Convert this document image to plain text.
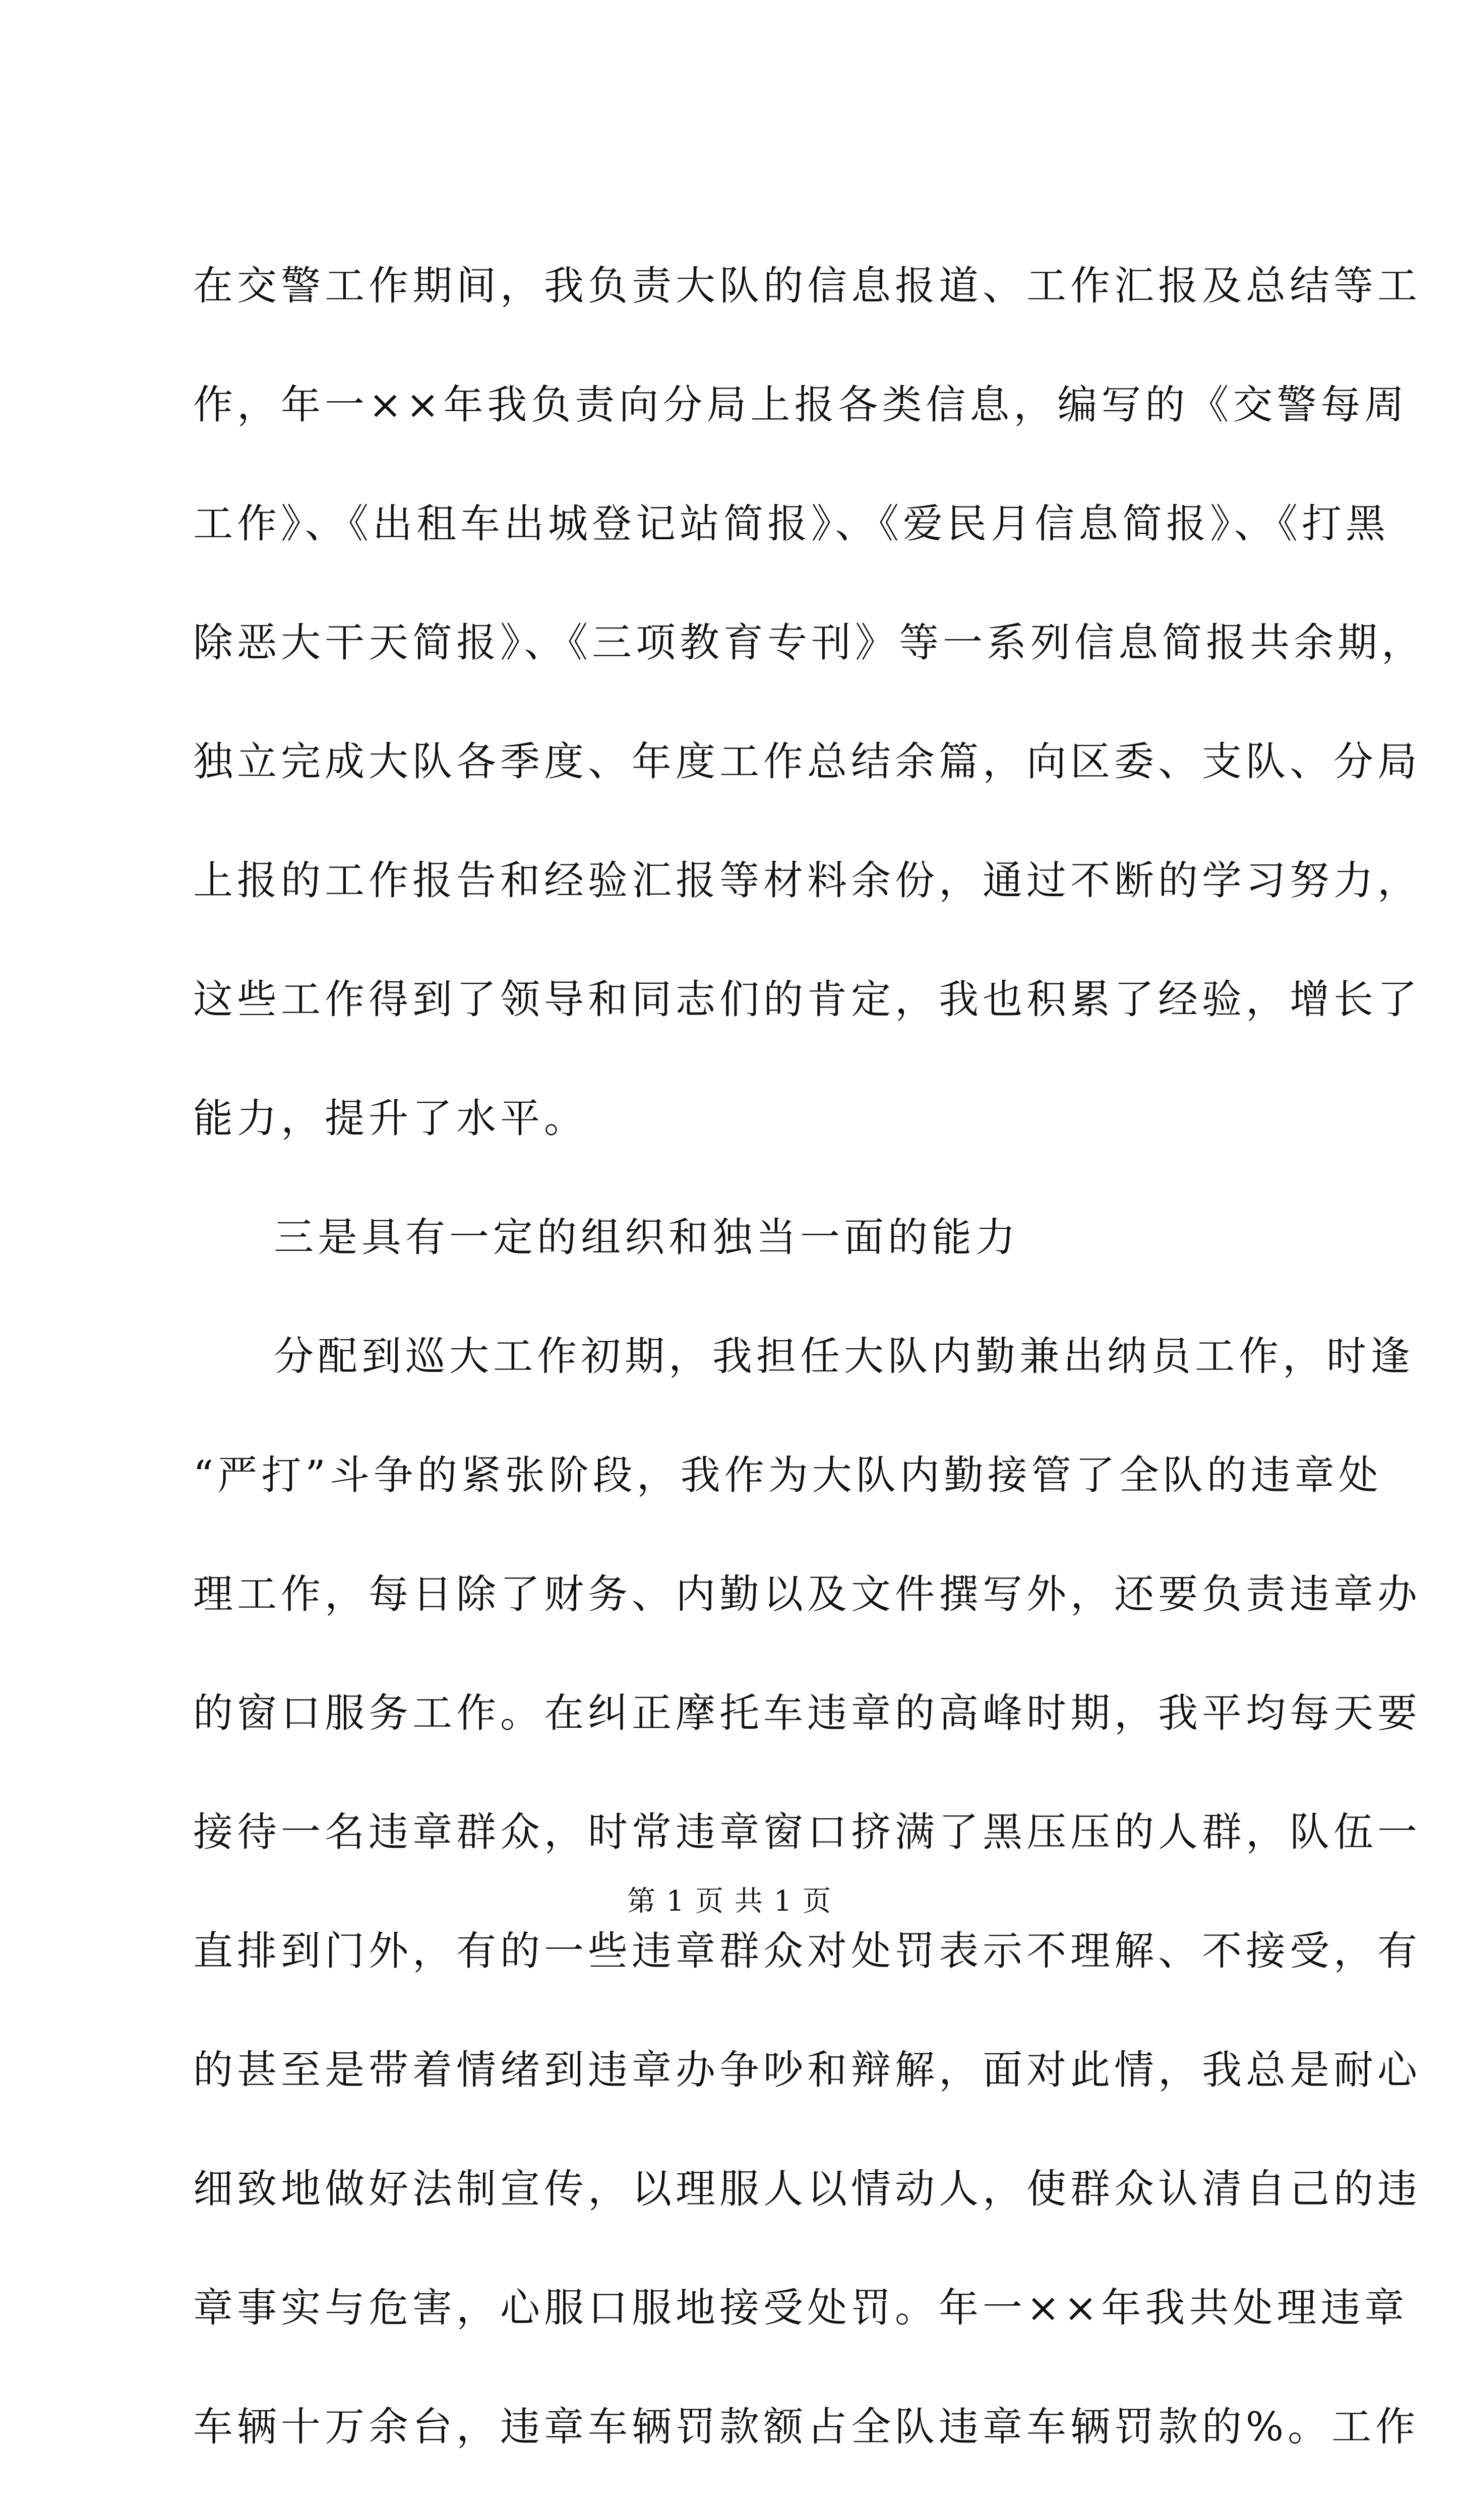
在交警工作期间，我负责大队的信息报道、工作汇报及总结等工
作，年一××年我负责向分局上报各类信息，编写的《交警每周
工作》、《出租车出城登记站简报》、《爱民月信息简报》、《打黑
除恶大干天简报》、《三项教育专刊》等一系列信息简报共余期，
独立完成大队各季度、年度工作总结余篇，向区委、支队、分局
上报的工作报告和经验汇报等材料余份，通过不断的学习努力，
这些工作得到了领导和同志们的肯定，我也积累了经验，增长了
能力，提升了水平。
三是具有一定的组织和独当一面的能力
分配到巡大工作初期，我担任大队内勤兼出纳员工作，时逢
“严打”斗争的紧张阶段，我作为大队内勤接管了全队的违章处
理工作，每日除了财务、内勤以及文件撰写外，还要负责违章办
的窗口服务工作。在纠正摩托车违章的高峰时期，我平均每天要
接待一名违章群众，时常违章窗口挤满了黑压压的人群，队伍一
直排到门外，有的一些违章群众对处罚表示不理解、不接受，有
的甚至是带着情绪到违章办争吵和辩解，面对此情，我总是耐心
细致地做好法制宣传，以理服人以情动人，使群众认清自己的违
章事实与危害，心服口服地接受处罚。年一××年我共处理违章
车辆十万余台，违章车辆罚款额占全队违章车辆罚款的%。工作
第 1 页 共 1 页
